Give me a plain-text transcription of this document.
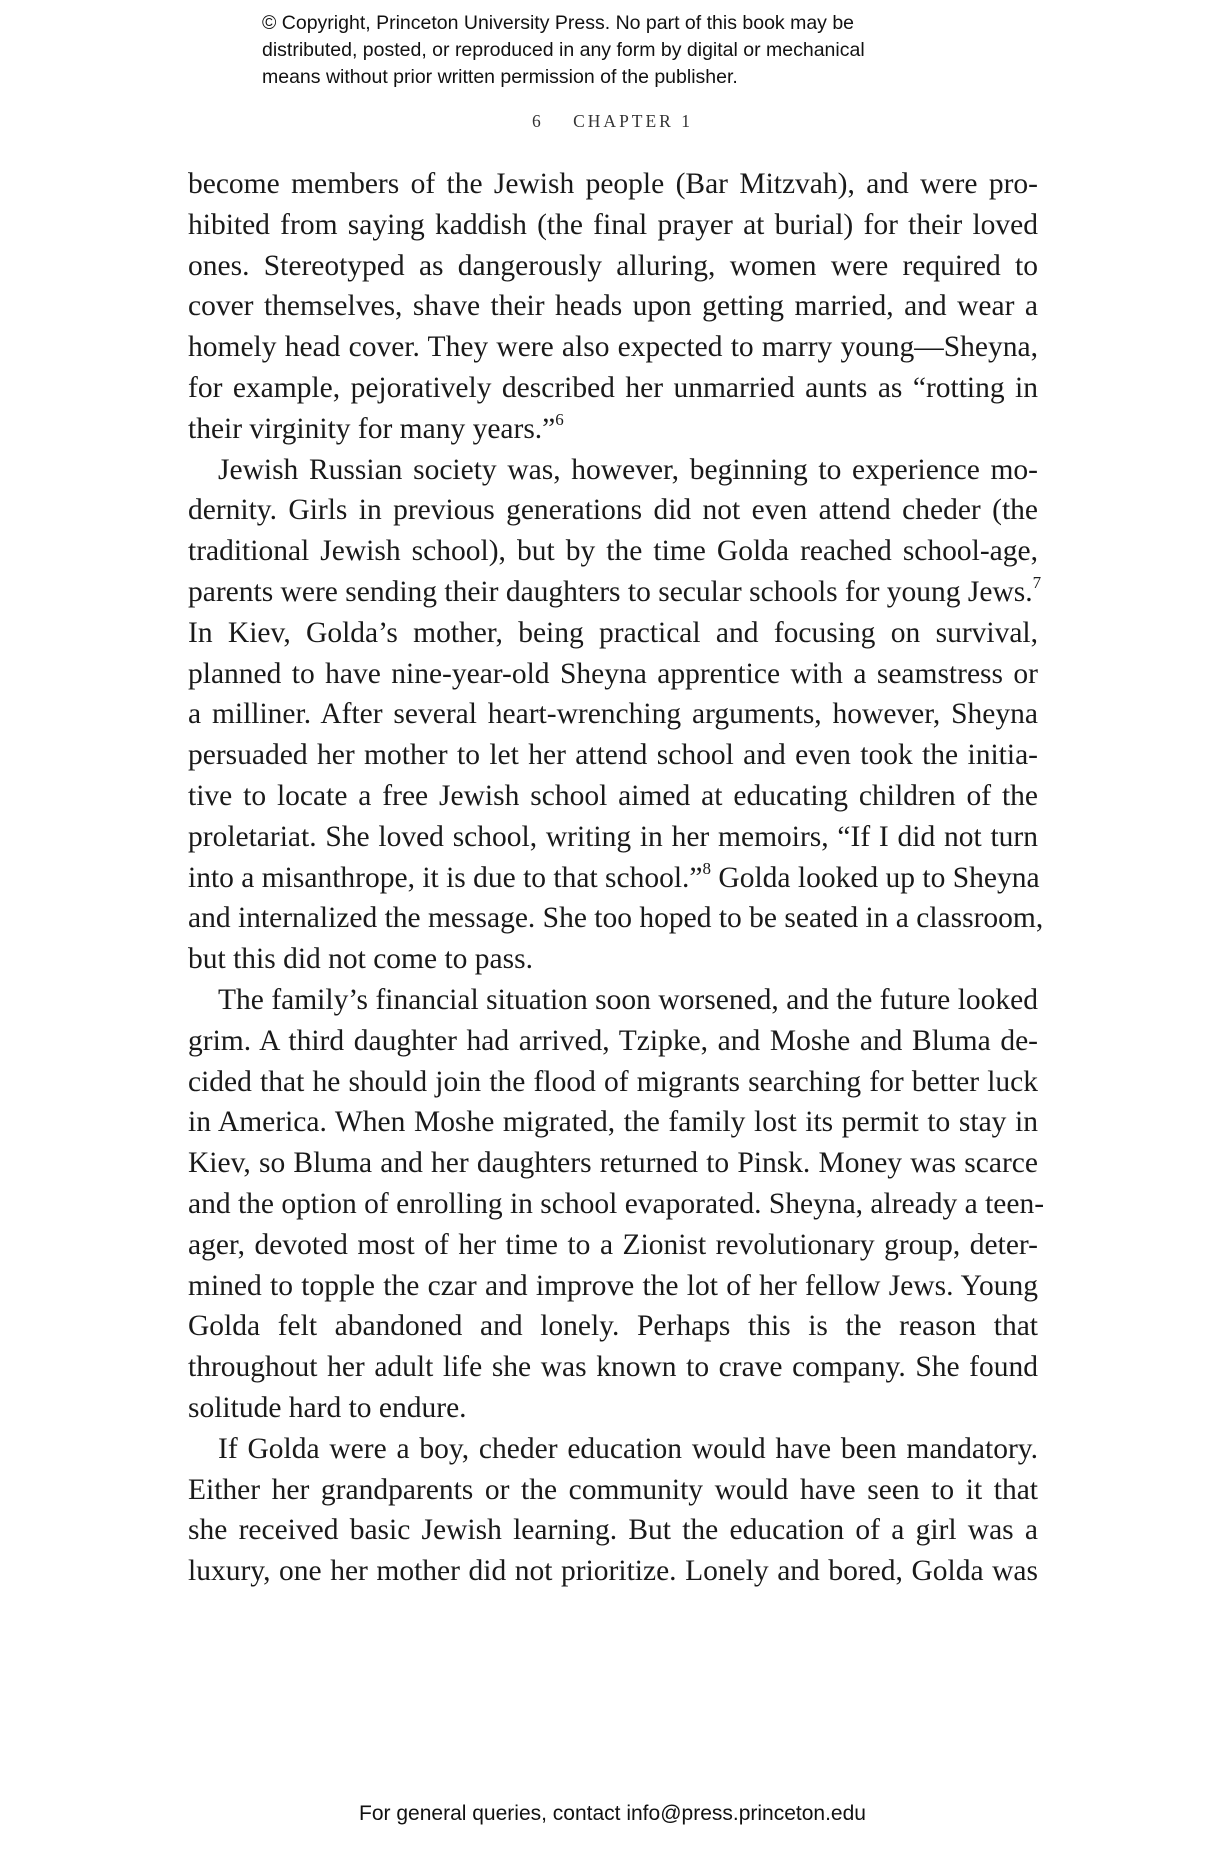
© Copyright, Princeton University Press. No part of this book may be
distributed, posted, or reproduced in any form by digital or mechanical
means without prior written permission of the publisher.
6 CHAPTER 1
become members of the Jewish people (Bar Mitzvah), and were pro-
hibited from saying kaddish (the final prayer at burial) for their loved
ones. Stereotyped as dangerously alluring, women were required to
cover themselves, shave their heads upon getting married, and wear a
homely head cover. They were also expected to marry young—Sheyna,
for example, pejoratively described her unmarried aunts as “rotting in
their virginity for many years.”$^6$
Jewish Russian society was, however, beginning to experience mo-
dernity. Girls in previous generations did not even attend cheder (the
traditional Jewish school), but by the time Golda reached school-age,
parents were sending their daughters to secular schools for young Jews.$^7$
In Kiev, Golda’s mother, being practical and focusing on survival,
planned to have nine-year-old Sheyna apprentice with a seamstress or
a milliner. After several heart-wrenching arguments, however, Sheyna
persuaded her mother to let her attend school and even took the initia-
tive to locate a free Jewish school aimed at educating children of the
proletariat. She loved school, writing in her memoirs, “If I did not turn
into a misanthrope, it is due to that school.”$^8$ Golda looked up to Sheyna
and internalized the message. She too hoped to be seated in a classroom,
but this did not come to pass.
The family’s financial situation soon worsened, and the future looked
grim. A third daughter had arrived, Tzipke, and Moshe and Bluma de-
cided that he should join the flood of migrants searching for better luck
in America. When Moshe migrated, the family lost its permit to stay in
Kiev, so Bluma and her daughters returned to Pinsk. Money was scarce
and the option of enrolling in school evaporated. Sheyna, already a teen-
ager, devoted most of her time to a Zionist revolutionary group, deter-
mined to topple the czar and improve the lot of her fellow Jews. Young
Golda felt abandoned and lonely. Perhaps this is the reason that
throughout her adult life she was known to crave company. She found
solitude hard to endure.
If Golda were a boy, cheder education would have been mandatory.
Either her grandparents or the community would have seen to it that
she received basic Jewish learning. But the education of a girl was a
luxury, one her mother did not prioritize. Lonely and bored, Golda was
For general queries, contact info@press.princeton.edu
